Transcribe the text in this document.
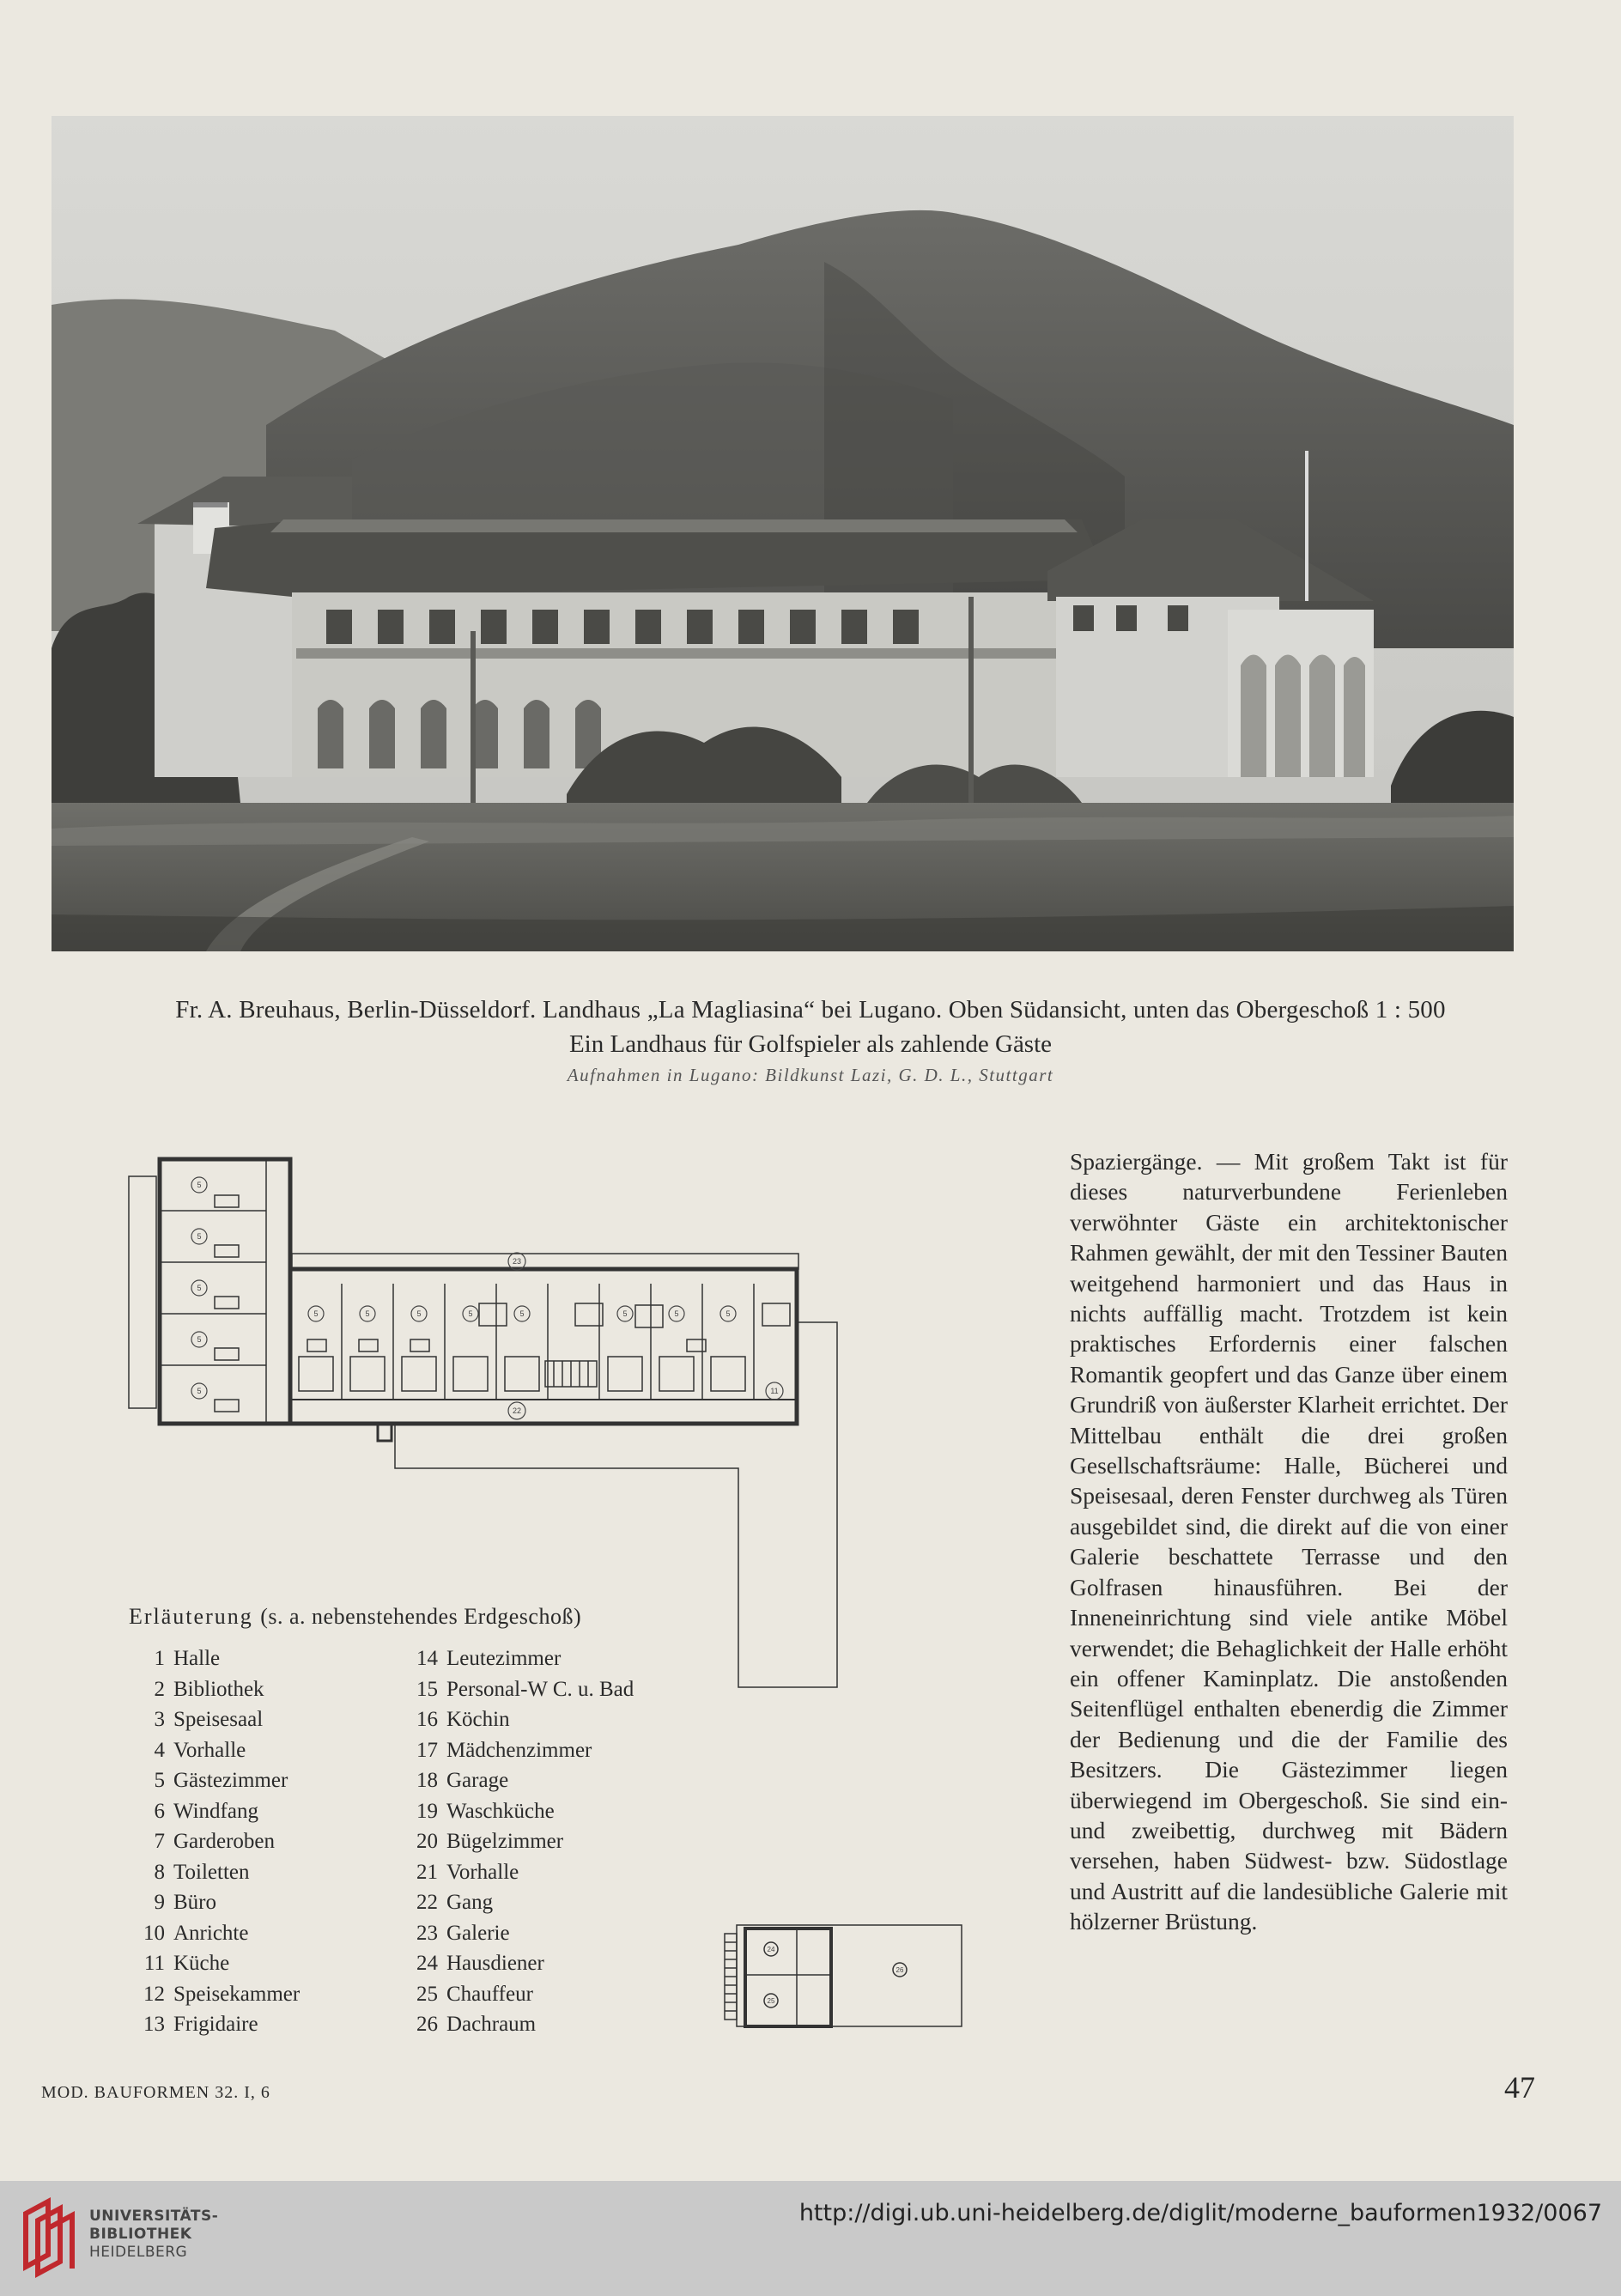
Fr. A. Breuhaus, Berlin-Düsseldorf. Landhaus „La Magliasina“ bei Lugano. Oben Südansicht, unten das Obergeschoß 1 : 500
Ein Landhaus für Golfspieler als zahlende Gäste
Aufnahmen in Lugano: Bildkunst Lazi, G. D. L., Stuttgart
5
5
5
5
5
5	5	5	5	5	5	5	5
23
22
11
Erläuterung (s. a. nebenstehendes Erdgeschoß)
1 Halle
2 Bibliothek
3 Speisesaal
4 Vorhalle
5 Gästezimmer
6 Windfang
7 Garderoben
8 Toiletten
9 Büro
10 Anrichte
11 Küche
12 Speisekammer
13 Frigidaire
14 Leutezimmer
15 Personal-W C. u. Bad
16 Köchin
17 Mädchenzimmer
18 Garage
19 Waschküche
20 Bügelzimmer
21 Vorhalle
22 Gang
23 Galerie
24 Hausdiener
25 Chauffeur
26 Dachraum
24
25
26

Spaziergänge. — Mit großem Takt ist für dieses naturverbundene Ferienleben verwöhnter Gäste ein architektonischer Rahmen gewählt, der mit den Tessiner Bauten weitgehend harmoniert und das Haus in nichts auffällig macht. Trotzdem ist kein praktisches Erfordernis einer falschen Romantik geopfert und das Ganze über einem Grundriß von äußerster Klarheit errichtet. Der Mittelbau enthält die drei großen Gesellschaftsräume: Halle, Bücherei und Speisesaal, deren Fenster durchweg als Türen ausgebildet sind, die direkt auf die von einer Galerie beschattete Terrasse und den Golfrasen hinausführen. Bei der Inneneinrichtung sind viele antike Möbel verwendet; die Behaglichkeit der Halle erhöht ein offener Kaminplatz. Die anstoßenden Seitenflügel enthalten ebenerdig die Zimmer der Bedienung und die der Familie des Besitzers. Die Gästezimmer liegen überwiegend im Obergeschoß. Sie sind ein- und zweibettig, durchweg mit Bädern versehen, haben Südwest- bzw. Südostlage und Austritt auf die landesübliche Galerie mit hölzerner Brüstung.

MOD. BAUFORMEN 32. I, 6	47
UNIVERSITÄTS-
BIBLIOTHEK
HEIDELBERG
http://digi.ub.uni-heidelberg.de/diglit/moderne_bauformen1932/0067
